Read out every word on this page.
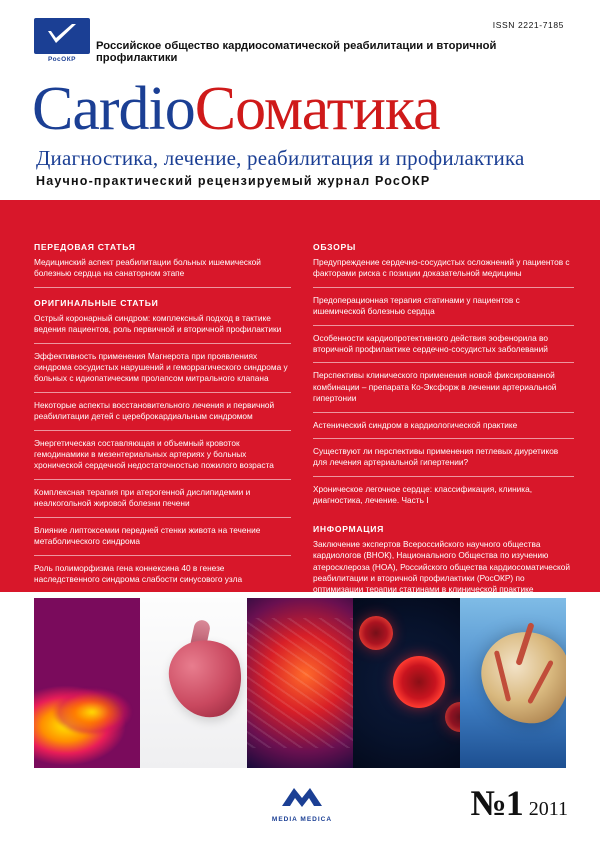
РосОКР
ISSN 2221-7185
Российское общество кардиосоматической реабилитации и вторичной профилактики
CardioСоматика
Диагностика, лечение, реабилитация и профилактика
Научно-практический рецензируемый журнал РосОКР
ПЕРЕДОВАЯ СТАТЬЯ
Медицинский аспект реабилитации больных ишемической болезнью сердца на санаторном этапе
ОРИГИНАЛЬНЫЕ СТАТЬИ
Острый коронарный синдром: комплексный подход в тактике ведения пациентов, роль первичной и вторичной профилактики
Эффективность применения Магнерота при проявлениях синдрома сосудистых нарушений и геморрагического синдрома у больных с идиопатическим пролапсом митрального клапана
Некоторые аспекты восстановительного лечения и первичной реабилитации детей с цереброкардиальным синдромом
Энергетическая составляющая и объемный кровоток гемодинамики в мезентериальных артериях у больных хронической сердечной недостаточностью пожилого возраста
Комплексная терапия при атерогенной дислипидемии и неалкогольной жировой болезни печени
Влияние липтоксемии передней стенки живота на течение метаболического синдрома
Роль полиморфизма гена коннексина 40 в генезе наследственного синдрома слабости синусового узла
ОБЗОРЫ
Предупреждение сердечно-сосудистых осложнений у пациентов с факторами риска с позиции доказательной медицины
Предоперационная терапия статинами у пациентов с ишемической болезнью сердца
Особенности кардиопротективного действия эофенорила во вторичной профилактике сердечно-сосудистых заболеваний
Перспективы клинического применения новой фиксированной комбинации – препарата Ко-Эксфорж в лечении артериальной гипертонии
Астенический синдром в кардиологической практике
Существуют ли перспективы применения петлевых диуретиков для лечения артериальной гипертении?
Хроническое легочное сердце: классификация, клиника, диагностика, лечение. Часть I
ИНФОРМАЦИЯ
Заключение экспертов Всероссийского научного общества кардиологов (ВНОК), Национального Общества по изучению атеросклероза (НОА), Российского общества кардиосоматической реабилитации и вторичной профилактики (РосОКР) по оптимизации терапии статинами в клинической практике
MEDIA MEDICA	№1 2011
